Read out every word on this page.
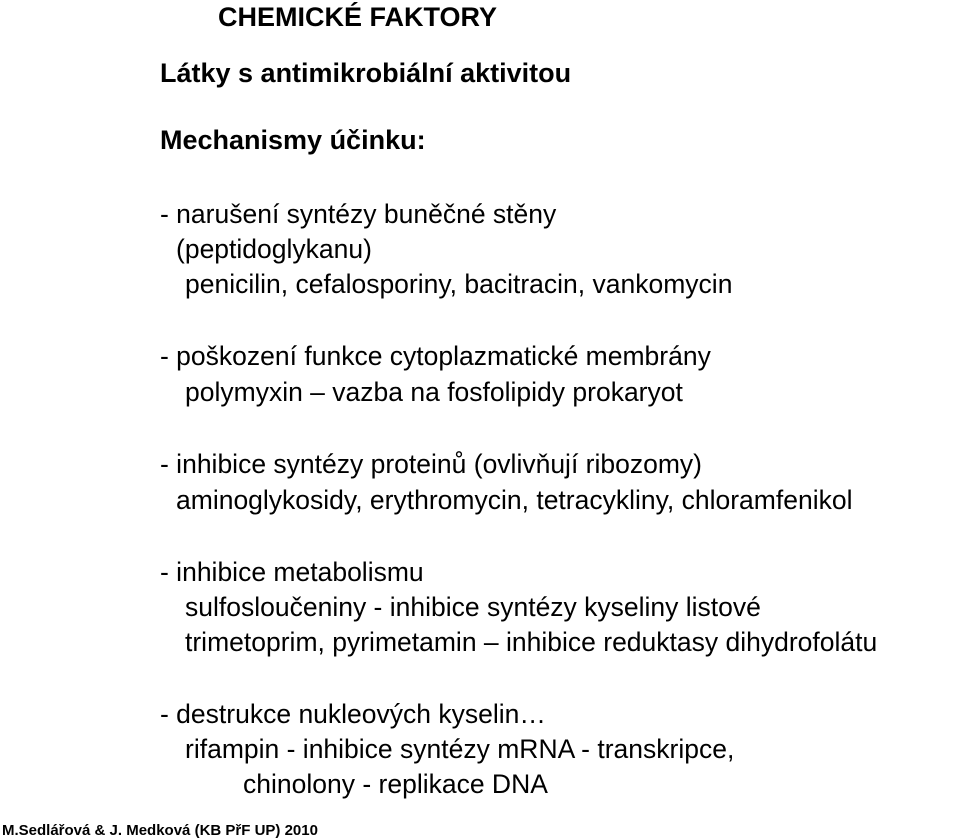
CHEMICKÉ FAKTORY
Látky s antimikrobiální aktivitou
Mechanismy účinku:
- narušení syntézy buněčné stěny
(peptidoglykanu)
penicilin, cefalosporiny, bacitracin, vankomycin
- poškození funkce cytoplazmatické membrány
polymyxin – vazba na fosfolipidy prokaryot
- inhibice syntézy proteinů (ovlivňují ribozomy)
aminoglykosidy, erythromycin, tetracykliny, chloramfenikol
- inhibice metabolismu
sulfosloučeniny - inhibice syntézy kyseliny listové
trimetoprim, pyrimetamin – inhibice reduktasy dihydrofolátu
- destrukce nukleových kyselin…
rifampin - inhibice syntézy mRNA - transkripce,
chinolony - replikace DNA
M.Sedlářová & J. Medková (KB PřF UP) 2010
